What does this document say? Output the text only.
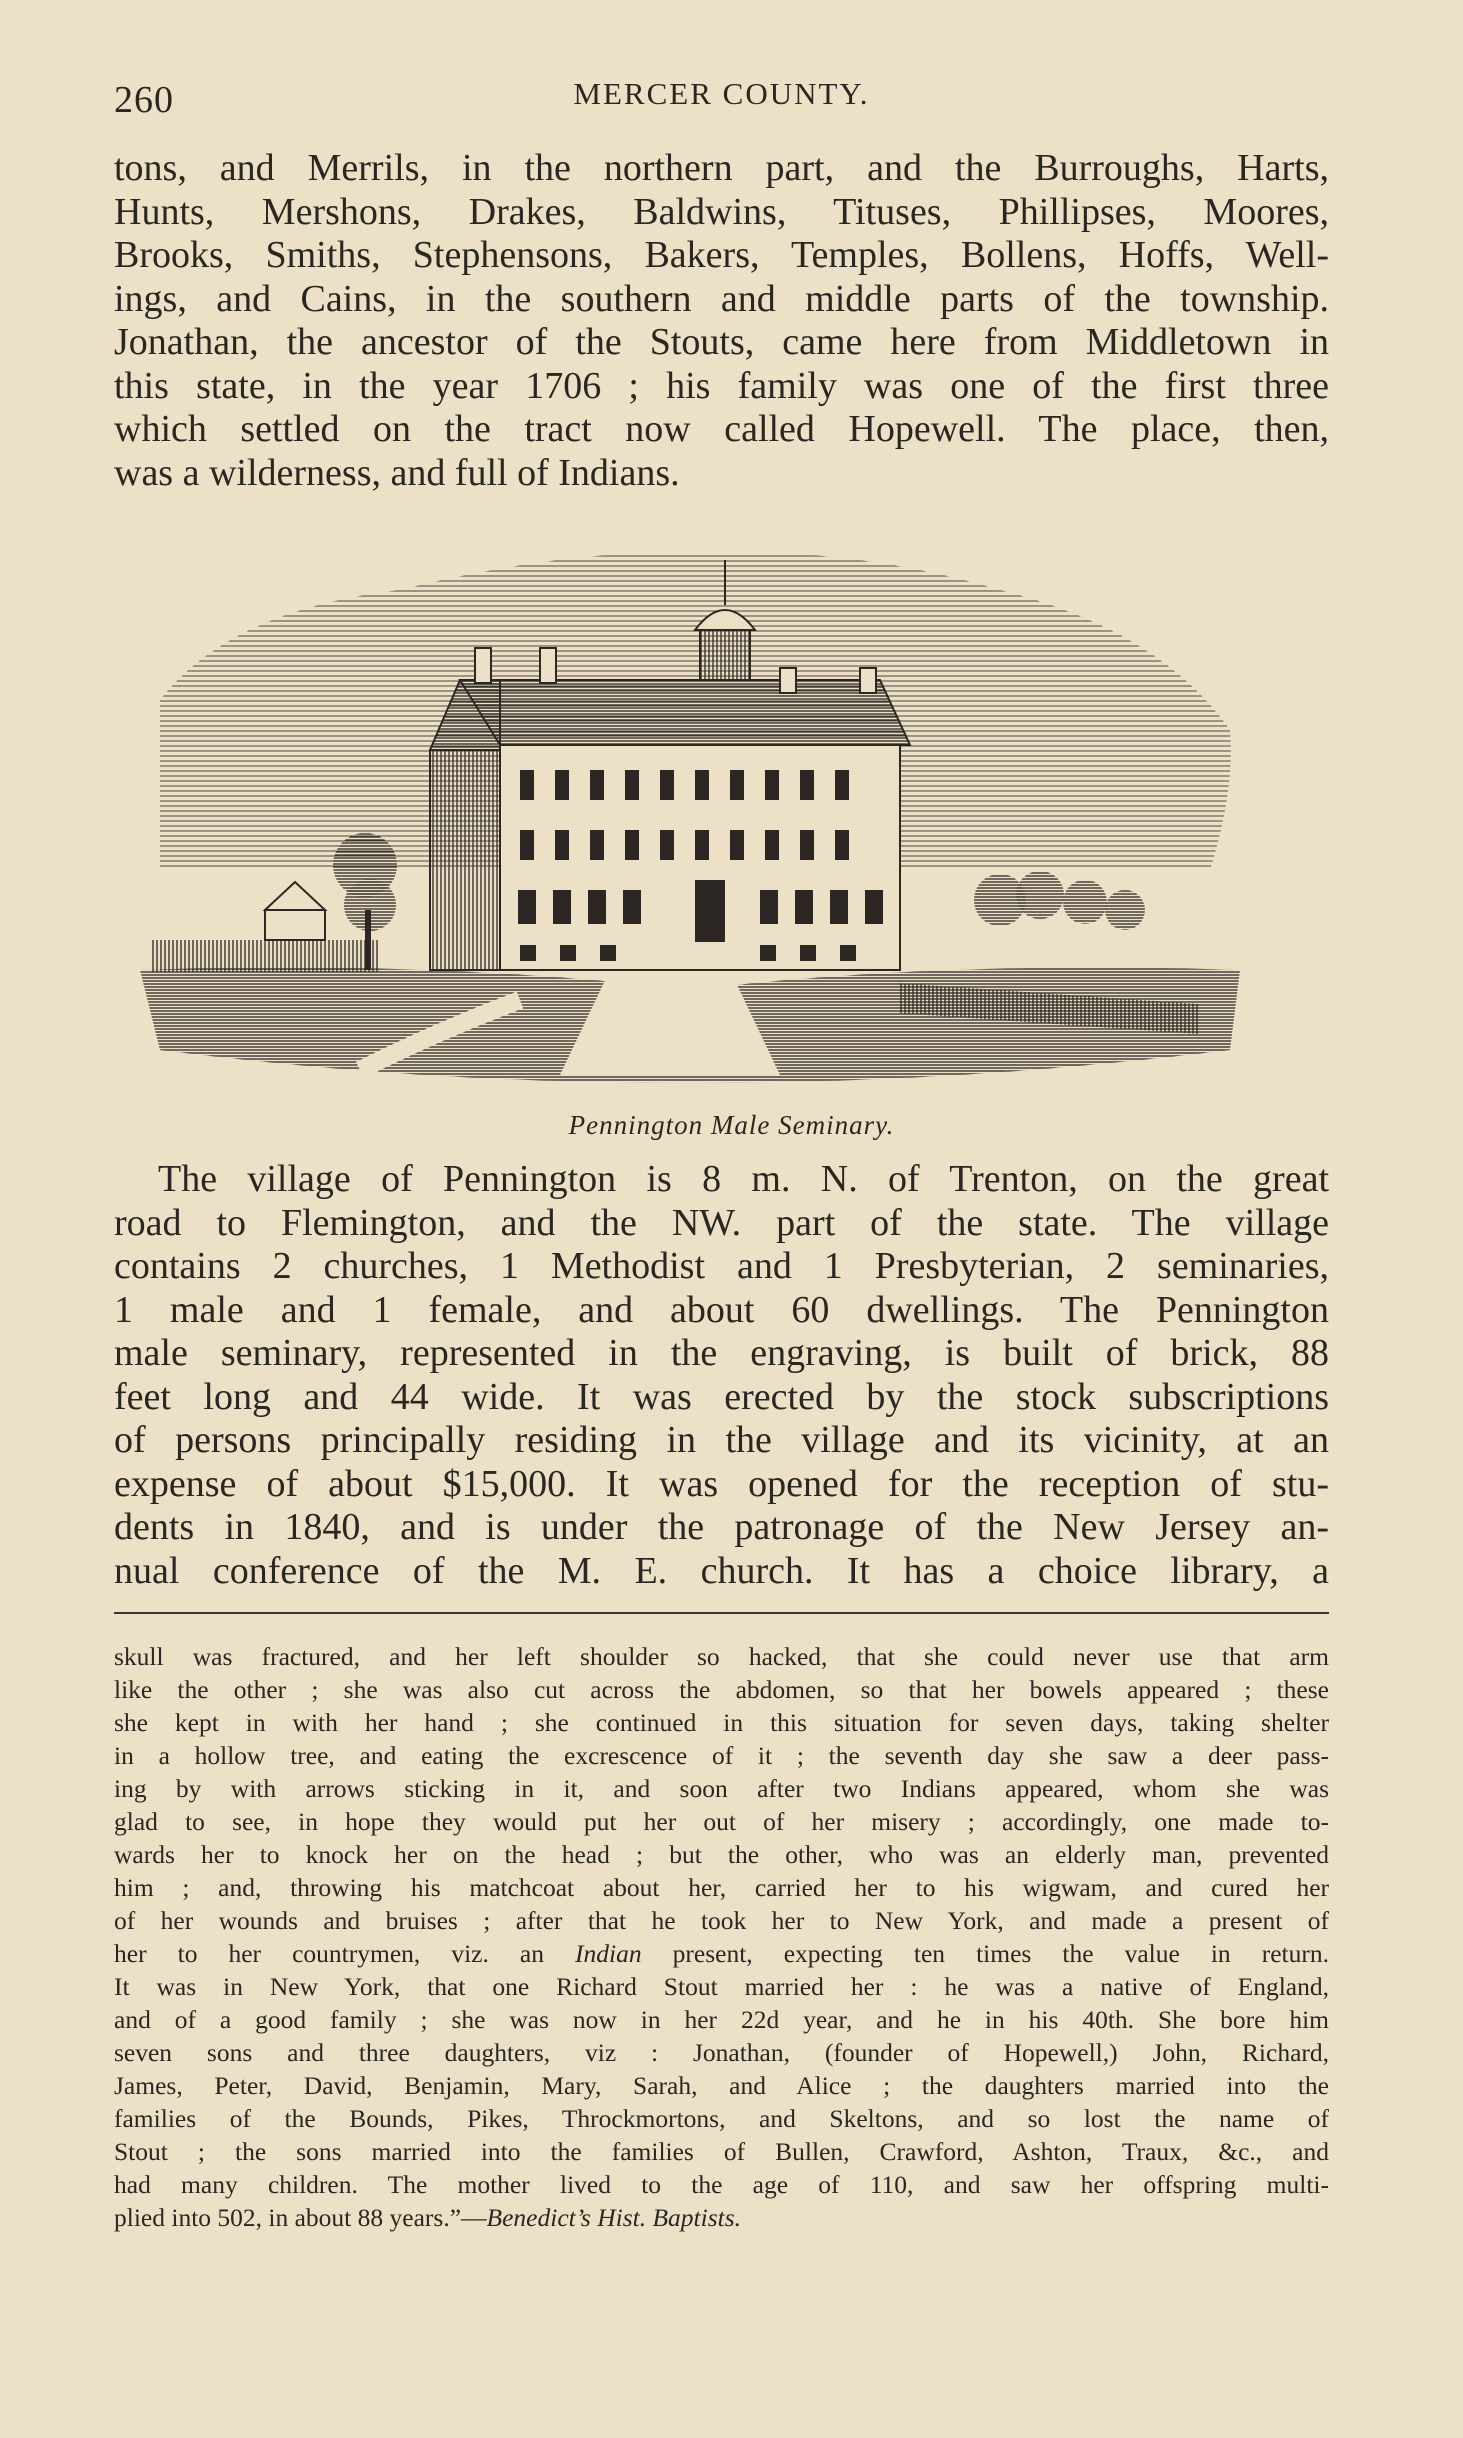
260	MERCER COUNTY.
tons, and Merrils, in the northern part, and the Burroughs, Harts,
Hunts, Mershons, Drakes, Baldwins, Tituses, Phillipses, Moores,
Brooks, Smiths, Stephensons, Bakers, Temples, Bollens, Hoffs, Well-
ings, and Cains, in the southern and middle parts of the township.
Jonathan, the ancestor of the Stouts, came here from Middletown in
this state, in the year 1706 ; his family was one of the first three
which settled on the tract now called Hopewell. The place, then,
was a wilderness, and full of Indians.
Pennington Male Seminary.
The village of Pennington is 8 m. N. of Trenton, on the great
road to Flemington, and the NW. part of the state. The village
contains 2 churches, 1 Methodist and 1 Presbyterian, 2 seminaries,
1 male and 1 female, and about 60 dwellings. The Pennington
male seminary, represented in the engraving, is built of brick, 88
feet long and 44 wide. It was erected by the stock subscriptions
of persons principally residing in the village and its vicinity, at an
expense of about $15,000. It was opened for the reception of stu-
dents in 1840, and is under the patronage of the New Jersey an-
nual conference of the M. E. church. It has a choice library, a
skull was fractured, and her left shoulder so hacked, that she could never use that arm
like the other ; she was also cut across the abdomen, so that her bowels appeared ; these
she kept in with her hand ; she continued in this situation for seven days, taking shelter
in a hollow tree, and eating the excrescence of it ; the seventh day she saw a deer pass-
ing by with arrows sticking in it, and soon after two Indians appeared, whom she was
glad to see, in hope they would put her out of her misery ; accordingly, one made to-
wards her to knock her on the head ; but the other, who was an elderly man, prevented
him ; and, throwing his matchcoat about her, carried her to his wigwam, and cured her
of her wounds and bruises ; after that he took her to New York, and made a present of
her to her countrymen, viz. an Indian present, expecting ten times the value in return.
It was in New York, that one Richard Stout married her : he was a native of England,
and of a good family ; she was now in her 22d year, and he in his 40th. She bore him
seven sons and three daughters, viz : Jonathan, (founder of Hopewell,) John, Richard,
James, Peter, David, Benjamin, Mary, Sarah, and Alice ; the daughters married into the
families of the Bounds, Pikes, Throckmortons, and Skeltons, and so lost the name of
Stout ; the sons married into the families of Bullen, Crawford, Ashton, Traux, &c., and
had many children. The mother lived to the age of 110, and saw her offspring multi-
plied into 502, in about 88 years.”—Benedict’s Hist. Baptists.
